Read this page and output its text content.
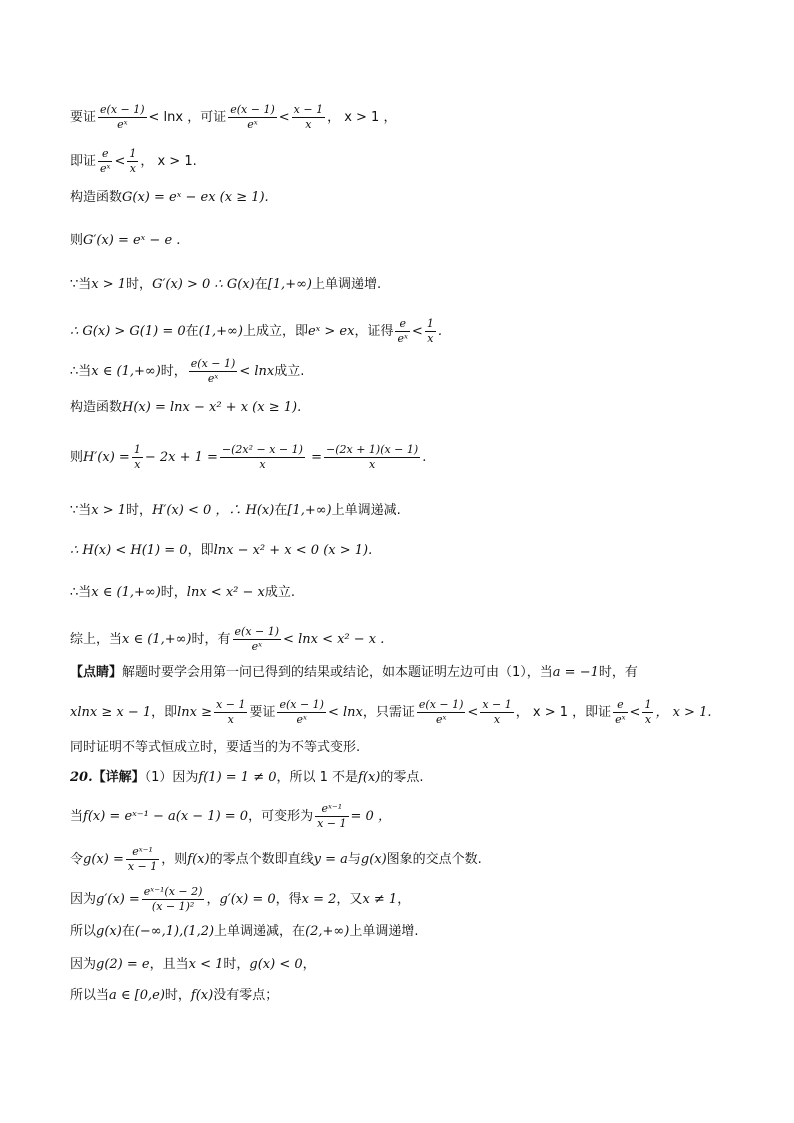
要证 $\frac{e(x - 1)}{\text{eˣ}} < \ln x$ ，可证 $\frac{e(x - 1)}{\text{eˣ}} < \frac{x - 1}{x}$ ， x > 1 ，
即证 $\frac{e}{\text{eˣ}} < \frac{1}{x}$ ， x > 1.
构造函数G(x) = eˣ − ex (x ≥ 1).
则G′(x) = eˣ − e .
∵当x > 1时，G′(x) > 0 ∴ G(x)在[1,+∞)上单调递增.
∴ G(x) > G(1) = 0在(1,+∞)上成立，即eˣ > ex，证得 $\frac{e}{\text{eˣ}} < \frac{1}{x}$ .
∴当x ∈ (1,+∞)时， $\frac{e(x - 1)}{\text{eˣ}} < \ln x$成立.
构造函数H(x) = lnx − x² + x (x ≥ 1).
则$H'(x) = \frac{1}{x} - 2x + 1 = \frac{\text{−(2x² − x − 1)}}{x} = \frac{-(2x + 1)(x - 1)}{x}$ .
∵当x > 1时，H′(x) < 0 ，∴ H(x)在[1,+∞)上单调递减.
∴ H(x) < H(1) = 0，即lnx − x² + x < 0 (x > 1).
∴当x ∈ (1,+∞)时，lnx < x² − x成立.
综上，当x ∈ (1,+∞)时，有 $\frac{e(x - 1)}{\text{eˣ}} < \ln x < x^2 - x$ .
【点睛】解题时要学会用第一问已得到的结果或结论，如本题证明左边可由（1），当a = −1时，有
xlnx ≥ x − 1，即$\ln x \ge \frac{x - 1}{x}$ 要证 $\frac{e(x - 1)}{\text{eˣ}} < \ln x$，只需证 $\frac{e(x - 1)}{\text{eˣ}} < \frac{x - 1}{x}$ ， x > 1 ，即证 $\frac{e}{\text{eˣ}} < \frac{1}{x}$ ， x > 1.
同时证明不等式恒成立时，要适当的为不等式变形.
20.【详解】（1）因为f(1) = 1 ≠ 0，所以 1 不是f(x)的零点.
当f(x) = eˣ⁻¹ − a(x − 1) = 0，可变形为 $\frac{\text{eˣ⁻¹}}{x - 1} = 0$ ，
令$g(x) = \frac{\text{eˣ⁻¹}}{x - 1}$ ，则f(x)的零点个数即直线y = a与g(x)图象的交点个数.
因为$g'(x) = \frac{\text{eˣ⁻¹(x − 2)}}{\text{(x − 1)²}}$ ，g′(x) = 0，得x = 2，又x ≠ 1，
所以g(x)在(−∞,1),(1,2)上单调递减，在(2,+∞)上单调递增.
因为g(2) = e，且当x < 1时，g(x) < 0，
所以当a ∈ [0,e)时，f(x)没有零点；
